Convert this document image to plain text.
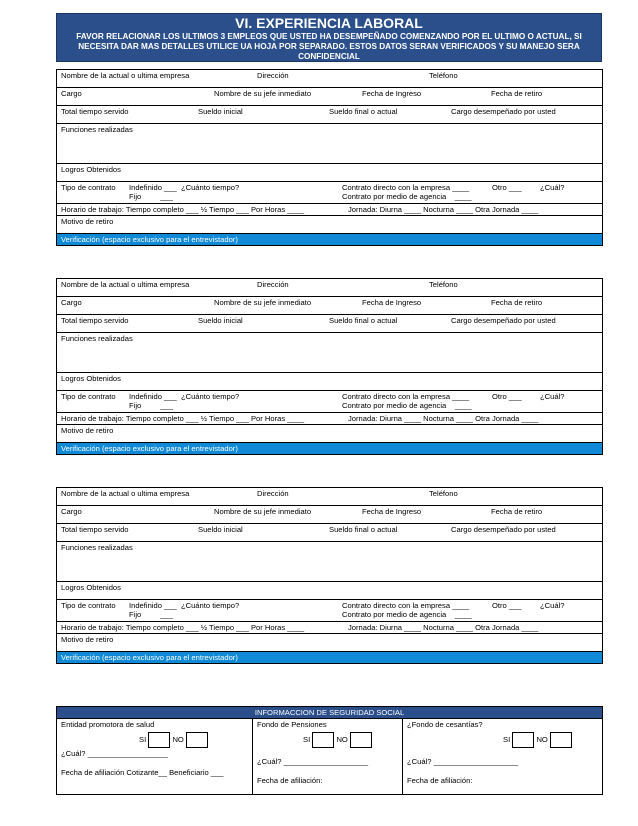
VI. EXPERIENCIA LABORAL
FAVOR RELACIONAR LOS ULTIMOS 3 EMPLEOS QUE USTED HA DESEMPEÑADO COMENZANDO POR EL ULTIMO O ACTUAL, SI NECESITA DAR MAS DETALLES UTILICE UA HOJA POR SEPARADO. ESTOS DATOS SERAN VERIFICADOS Y SU MANEJO SERA CONFIDENCIAL
Nombre de la actual o ultima empresa	Dirección	Teléfono

Cargo	Nombre de su jefe inmediato	Fecha de Ingreso	Fecha de retiro

Total tiempo servido	Sueldo inicial	Sueldo final o actual	Cargo desempeñado por usted

Funciones realizadas
Logros Obtenidos

Tipo de contrato	Indefinido ___ ¿Cuánto tiempo?	Contrato directo con la empresa ____	Otro ___	¿Cuál?
	Fijo	___	Contrato por medio de agencia ____		

Horario de trabajo: Tiempo completo ___ ½ Tiempo ___ Por Horas ____	Jornada: Diurna ____ Nocturna ____ Otra Jornada ____

Motivo de retiro
Verificación (espacio exclusivo para el entrevistador)
Nombre de la actual o ultima empresa	Dirección	Teléfono

Cargo	Nombre de su jefe inmediato	Fecha de Ingreso	Fecha de retiro

Total tiempo servido	Sueldo inicial	Sueldo final o actual	Cargo desempeñado por usted

Funciones realizadas
Logros Obtenidos

Tipo de contrato	Indefinido ___ ¿Cuánto tiempo?	Contrato directo con la empresa ____	Otro ___	¿Cuál?
	Fijo	___	Contrato por medio de agencia ____		

Horario de trabajo: Tiempo completo ___ ½ Tiempo ___ Por Horas ____	Jornada: Diurna ____ Nocturna ____ Otra Jornada ____

Motivo de retiro
Verificación (espacio exclusivo para el entrevistador)
Nombre de la actual o ultima empresa	Dirección	Teléfono

Cargo	Nombre de su jefe inmediato	Fecha de Ingreso	Fecha de retiro

Total tiempo servido	Sueldo inicial	Sueldo final o actual	Cargo desempeñado por usted

Funciones realizadas
Logros Obtenidos

Tipo de contrato	Indefinido ___ ¿Cuánto tiempo?	Contrato directo con la empresa ____	Otro ___	¿Cuál?
	Fijo	___	Contrato por medio de agencia ____		

Horario de trabajo: Tiempo completo ___ ½ Tiempo ___ Por Horas ____	Jornada: Diurna ____ Nocturna ____ Otra Jornada ____

Motivo de retiro
Verificación (espacio exclusivo para el entrevistador)
INFORMACCION DE SEGURIDAD SOCIAL

Entidad promotora de salud
SI	NO
¿Cuál? ___________________
Fecha de afiliación Cotizante__ Beneficiario ___

Fondo de Pensiones
SI	NO
¿Cuál? ____________________
Fecha de afiliación:

¿Fondo de cesantías?
SI	NO
¿Cuál? ____________________
Fecha de afiliación:
